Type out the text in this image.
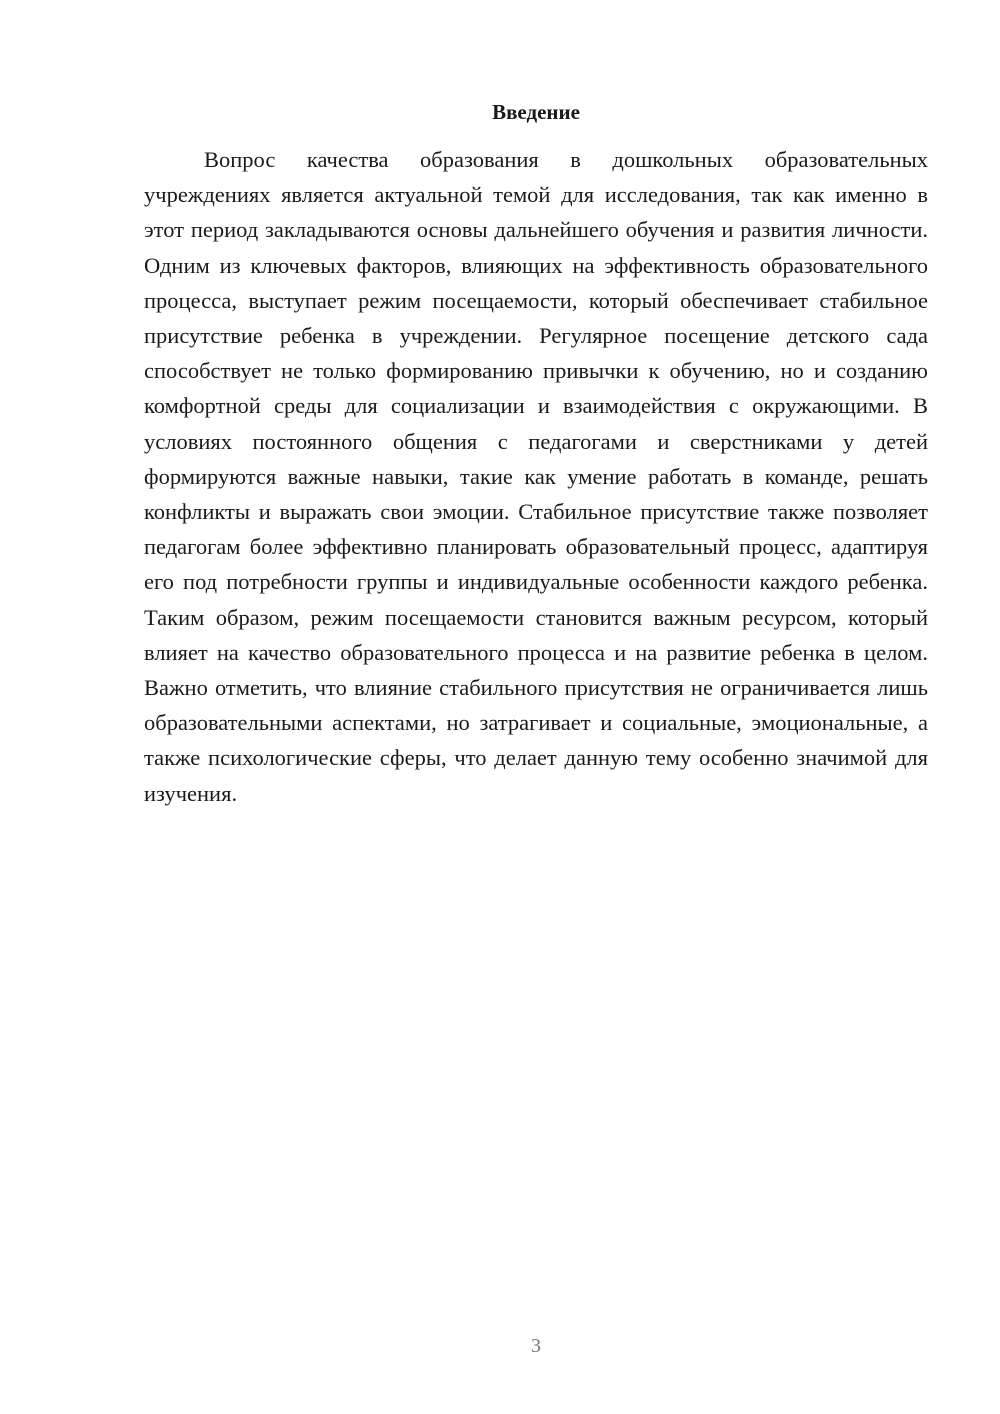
Введение

Вопрос качества образования в дошкольных образовательных учреждениях является актуальной темой для исследования, так как именно в этот период закладываются основы дальнейшего обучения и развития личности. Одним из ключевых факторов, влияющих на эффективность образовательного процесса, выступает режим посещаемости, который обеспечивает стабильное присутствие ребенка в учреждении. Регулярное посещение детского сада способствует не только формированию привычки к обучению, но и созданию комфортной среды для социализации и взаимодействия с окружающими. В условиях постоянного общения с педагогами и сверстниками у детей формируются важные навыки, такие как умение работать в команде, решать конфликты и выражать свои эмоции. Стабильное присутствие также позволяет педагогам более эффективно планировать образовательный процесс, адаптируя его под потребности группы и индивидуальные особенности каждого ребенка. Таким образом, режим посещаемости становится важным ресурсом, который влияет на качество образовательного процесса и на развитие ребенка в целом. Важно отметить, что влияние стабильного присутствия не ограничивается лишь образовательными аспектами, но затрагивает и социальные, эмоциональные, а также психологические сферы, что делает данную тему особенно значимой для изучения.

3
